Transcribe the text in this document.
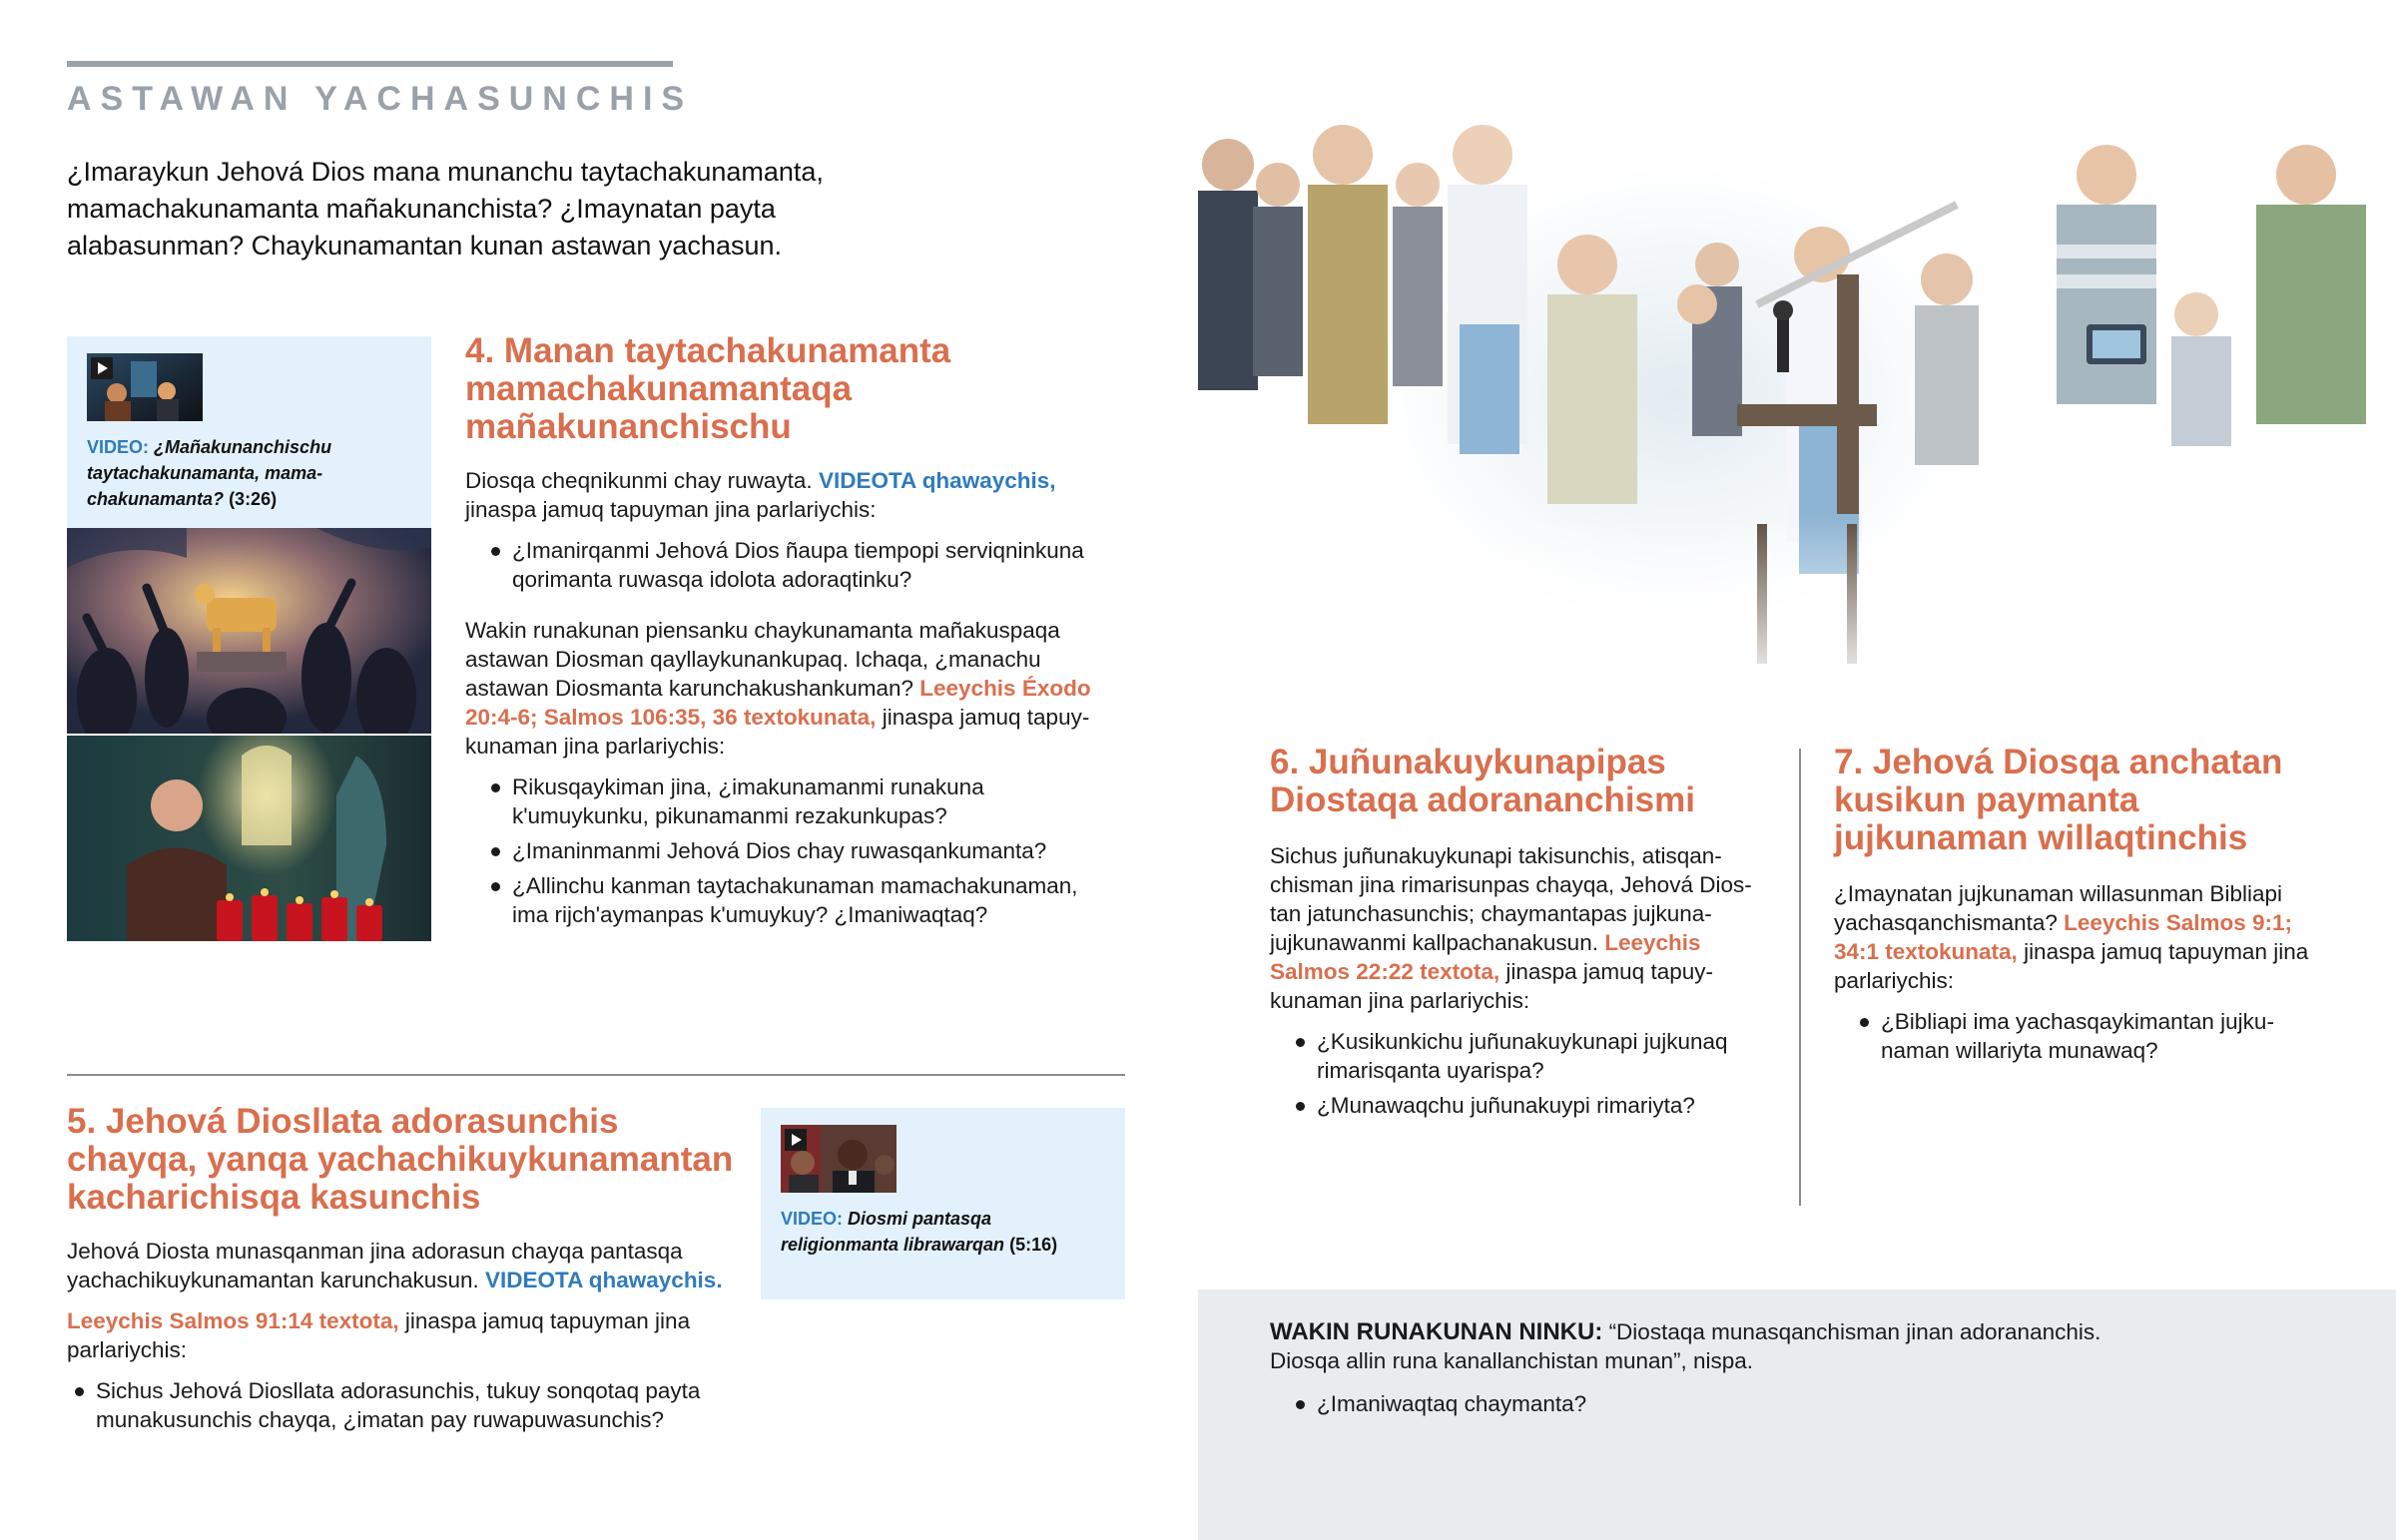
ASTAWAN YACHASUNCHIS
¿Imaraykun Jehová Dios mana munanchu taytachakunamanta, mamachakunamanta mañakunanchista? ¿Imaynatan payta alabasunman? Chaykunamantan kunan astawan yachasun.
VIDEO: ¿Mañakunanchischu taytachakunamanta, mamachakunamanta? (3:26)
4. Manan taytachakunamanta mamachakunamantaqa mañakunanchischu

Diosqa cheqnikunmi chay ruwayta. VIDEOTA qhawaychis, jinaspa jamuq tapuyman jina parlariychis:

¿Imanirqanmi Jehová Dios ñaupa tiempopi serviqninkuna qorimanta ruwasqa idolota adoraqtinku?

Wakin runakunan piensanku chaykunamanta mañakuspaqa astawan Diosman qayllaykunankupaq. Ichaqa, ¿manachu astawan Diosmanta karunchakushankuman? Leeychis Éxodo 20:4-6; Salmos 106:35, 36 textokunata, jinaspa jamuq tapuykunaman jina parlariychis:

Rikusqaykiman jina, ¿imakunamanmi runakuna k'umuykunku, pikunamanmi rezakunkupas?
¿Imaninmanmi Jehová Dios chay ruwasqankumanta?
¿Allinchu kanman taytachakunaman mamachakunaman, ima rijch'aymanpas k'umuykuy? ¿Imaniwaqtaq?
5. Jehová Diosllata adorasunchis chayqa, yanqa yachachikuykunamantan kacharichisqa kasunchis

Jehová Diosta munasqanman jina adorasun chayqa pantasqa yachachikuykunamantan karunchakusun. VIDEOTA qhawaychis.

Leeychis Salmos 91:14 textota, jinaspa jamuq tapuyman jina parlariychis:

Sichus Jehová Diosllata adorasunchis, tukuy sonqotaq payta munakusunchis chayqa, ¿imatan pay ruwapuwasunchis?
VIDEO: Diosmi pantasqa religionmanta librawarqan (5:16)
6. Juñunakuykunapipas Diostaqa adorananchismi

Sichus juñunakuykunapi takisunchis, atisqanchisman jina rimarisunpas chayqa, Jehová Diostan jatunchasunchis; chaymantapas jujkunajujkunawanmi kallpachanakusun. Leeychis Salmos 22:22 textota, jinaspa jamuq tapuykunaman jina parlariychis:

¿Kusikunkichu juñunakuykunapi jujkunaq rimarisqanta uyarispa?
¿Munawaqchu juñunakuypi rimariyta?
7. Jehová Diosqa anchatan kusikun paymanta jujkunaman willaqtinchis

¿Imaynatan jujkunaman willasunman Bibliapi yachasqanchismanta? Leeychis Salmos 9:1; 34:1 textokunata, jinaspa jamuq tapuyman jina parlariychis:

¿Bibliapi ima yachasqaykimantan jujkunaman willariyta munawaq?

WAKIN RUNAKUNAN NINKU: “Diostaqa munasqanchisman jinan adorananchis. Diosqa allin runa kanallanchistan munan”, nispa.

¿Imaniwaqtaq chaymanta?
